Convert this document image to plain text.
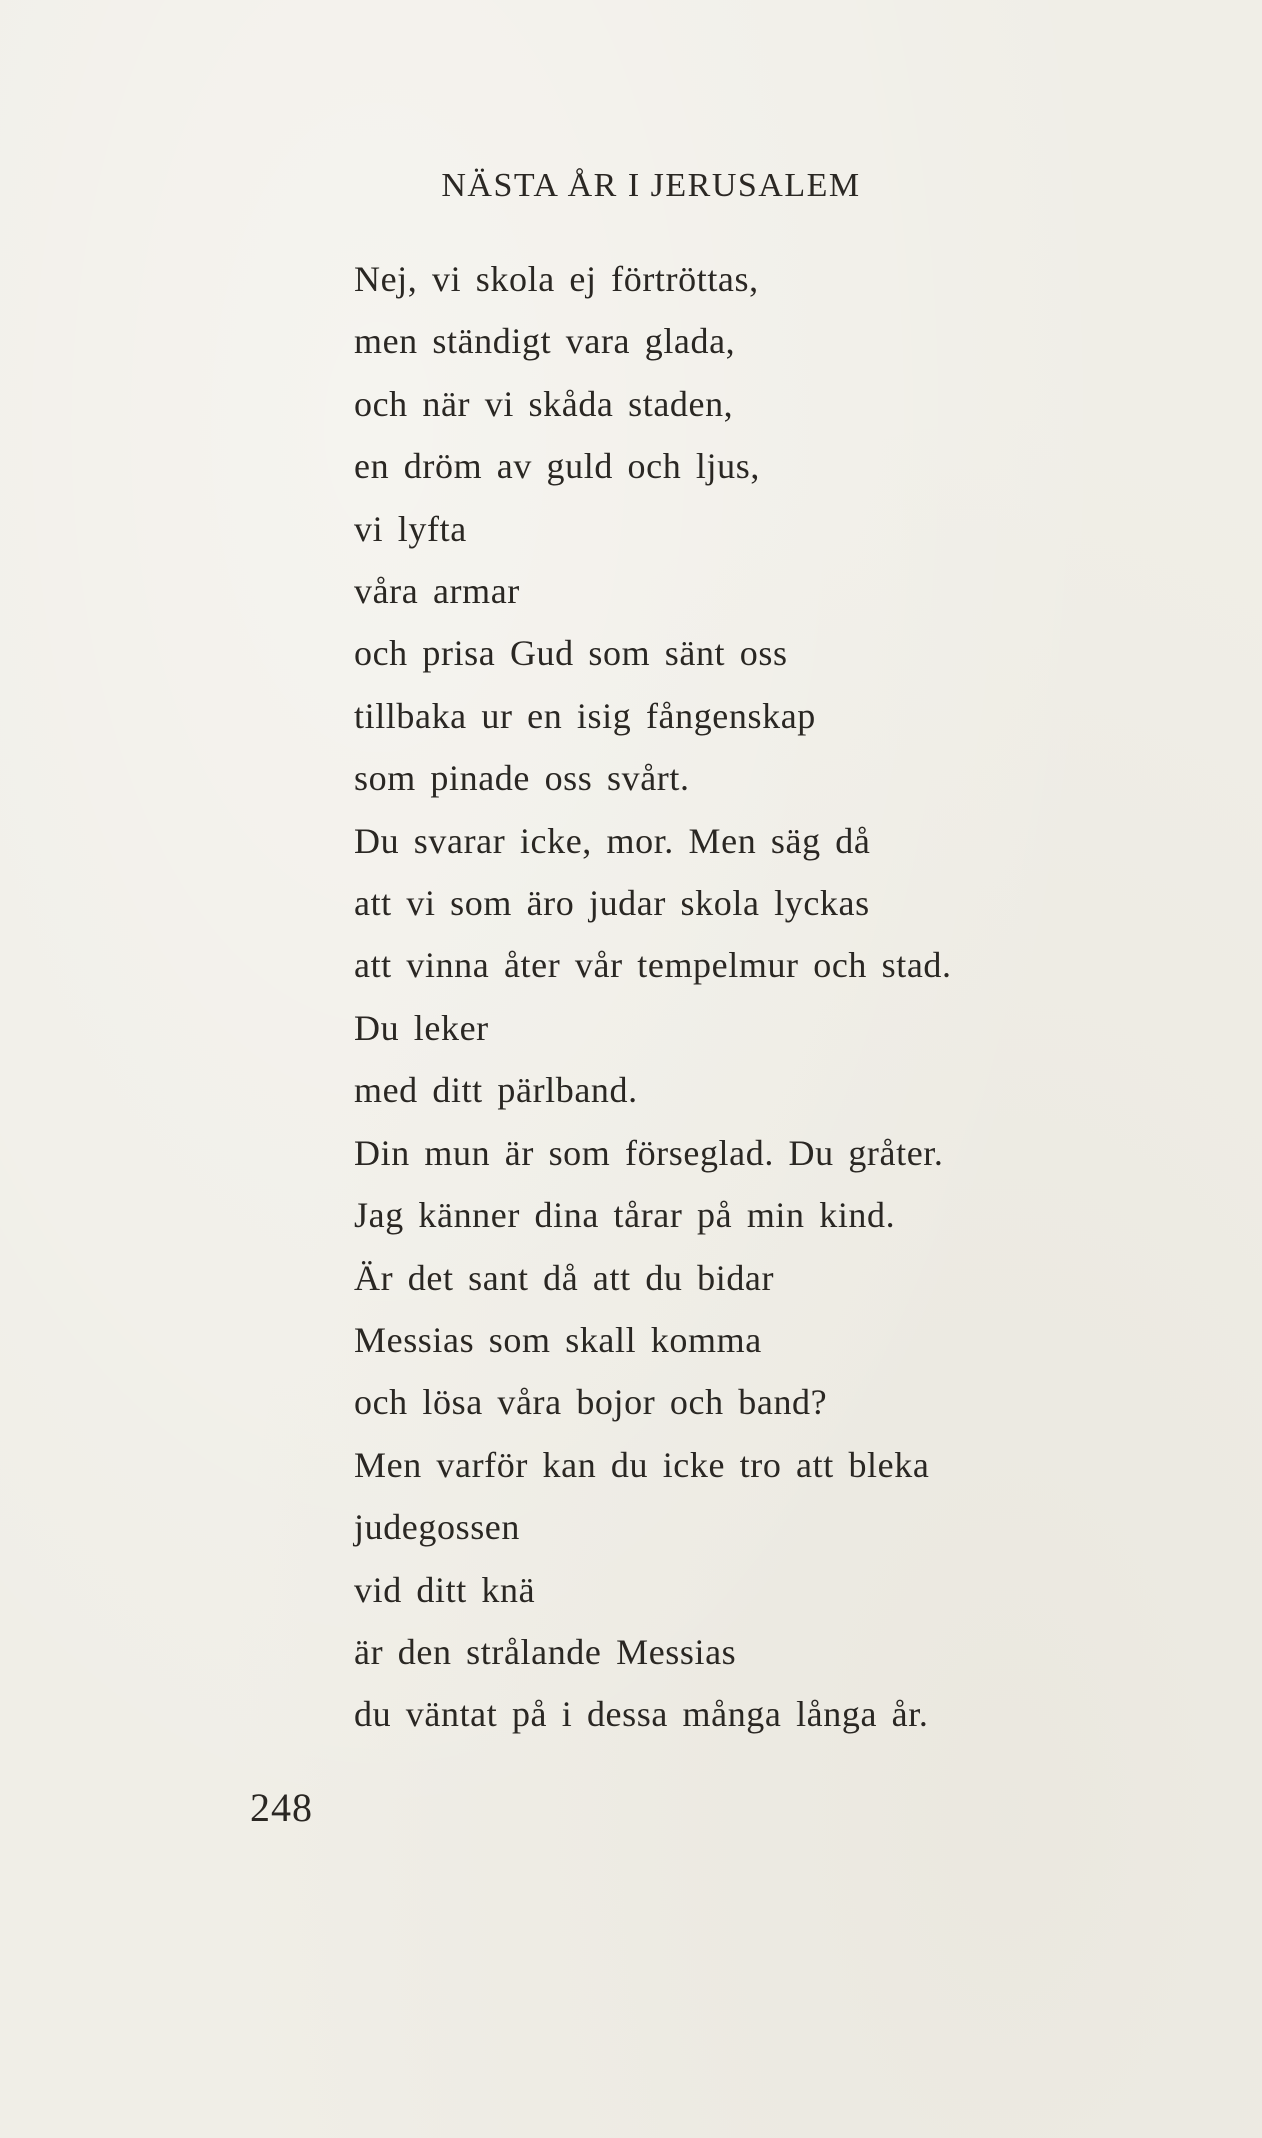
NÄSTA ÅR I JERUSALEM
Nej, vi skola ej förtröttas,
men ständigt vara glada,
och när vi skåda staden,
en dröm av guld och ljus,
vi lyfta
våra armar
och prisa Gud som sänt oss
tillbaka ur en isig fångenskap
som pinade oss svårt.
Du svarar icke, mor. Men säg då
att vi som äro judar skola lyckas
att vinna åter vår tempelmur och stad.
Du leker
med ditt pärlband.
Din mun är som förseglad. Du gråter.
Jag känner dina tårar på min kind.
Är det sant då att du bidar
Messias som skall komma
och lösa våra bojor och band?
Men varför kan du icke tro att bleka
judegossen
vid ditt knä
är den strålande Messias
du väntat på i dessa många långa år.
248
